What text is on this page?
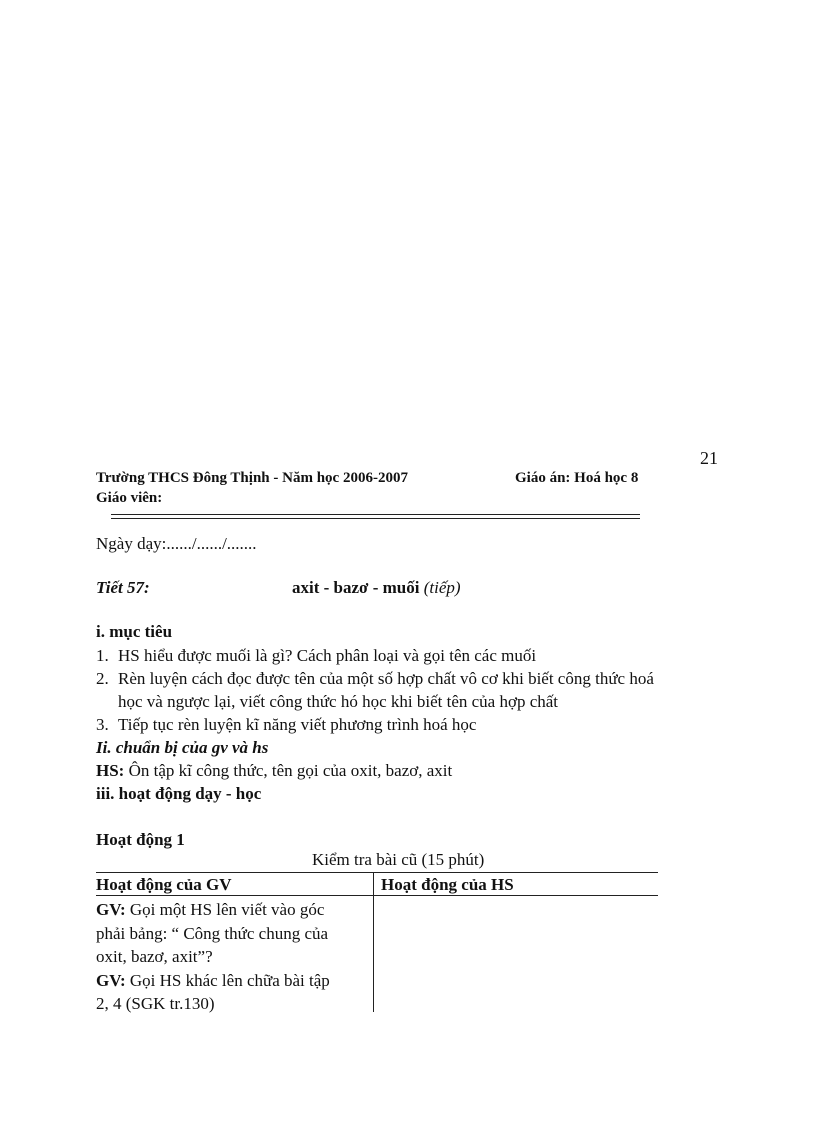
21
Trường THCS Đông Thịnh - Năm học 2006-2007	Giáo án: Hoá học 8
Giáo viên:
Ngày dạy:....../....../.......
Tiết 57:	axit - bazơ - muối (tiếp)
i. mục tiêu
1. HS hiểu được muối là gì? Cách phân loại và gọi tên các muối
2. Rèn luyện cách đọc được tên của một số hợp chất vô cơ khi biết công thức hoá
học và ngược lại, viết công thức hó học khi biết tên của hợp chất
3. Tiếp tục rèn luyện kĩ năng viết phương trình hoá học
Ii. chuẩn bị của gv và hs
HS: Ôn tập kĩ công thức, tên gọi của oxit, bazơ, axit
iii. hoạt động dạy - học
Hoạt động 1
Kiểm tra bài cũ (15 phút)
Hoạt động của GV	Hoạt động của HS

GV: Gọi một HS lên viết vào góc

phải bảng: “ Công thức chung của

oxit, bazơ, axit”?

GV: Gọi HS khác lên chữa bài tập

2, 4 (SGK tr.130)
